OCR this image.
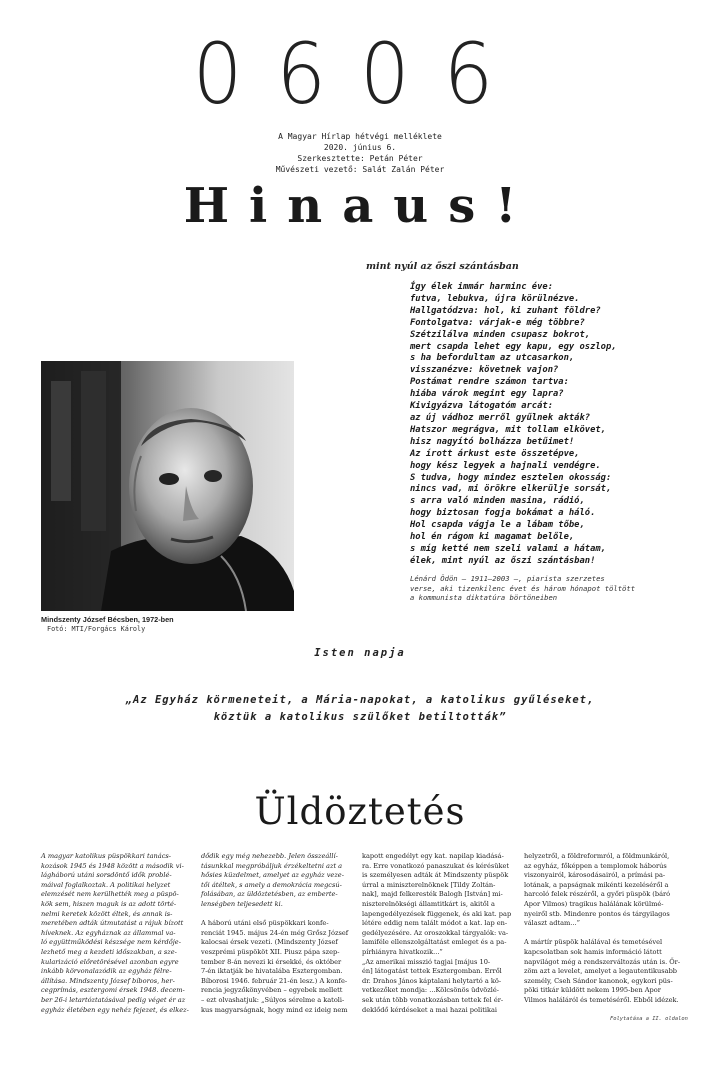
0606
A Magyar Hírlap hétvégi melléklete
2020. június 6.
Szerkesztette: Petán Péter
Művészeti vezető: Salát Zalán Péter
Hinaus!
mint nyúl az őszi szántásban
Így élek immár harminc éve:
futva, lebukva, újra körülnézve.
Hallgatódzva: hol, ki zuhant földre?
Fontolgatva: várjak-e még többre?
Szétzilálva minden csupasz bokrot,
mert csapda lehet egy kapu, egy oszlop,
s ha befordultam az utcasarkon,
visszanézve: követnek vajon?
Postámat rendre számon tartva:
hiába várok megint egy lapra?
Kivigyázva látogatóm arcát:
az új vádhoz merről gyűlnek akták?
Hatszor megrágva, mit tollam elkövet,
hisz nagyító bolházza betűimet!
Az írott árkust este összetépve,
hogy kész legyek a hajnali vendégre.
S tudva, hogy mindez esztelen okosság:
nincs vad, mi örökre elkerülje sorsát,
s arra való minden masina, rádió,
hogy biztosan fogja bokámat a háló.
Hol csapda vágja le a lábam tőbe,
hol én rágom ki magamat belőle,
s míg ketté nem szeli valami a hátam,
élek, mint nyúl az őszi szántásban!
Lénárd Ödön – 1911–2003 –, piarista szerzetes
verse, aki tizenkilenc évet és három hónapot töltött
a kommunista diktatúra börtöneiben
Mindszenty József Bécsben, 1972-ben
Fotó: MTI/Forgács Károly
Isten napja
„Az Egyház körmeneteit, a Mária-napokat, a katolikus gyűléseket,
köztük a katolikus szülőket betiltották”
Üldöztetés
A magyar katolikus püspökkari tanács-
kozások 1945 és 1948 között a második vi-
lágháború utáni sorsdöntő idők problé-
máival foglalkoztak. A politikai helyzet
elemzését nem kerülhették meg a püspö-
kök sem, hiszen maguk is az adott törté-
nelmi keretek között éltek, és annak is-
meretében adták útmutatást a rájuk bízott
híveknek. Az egyháznak az állammal va-
ló együttműködési készsége nem kérdője-
lezhető meg a kezdeti időszakban, a sze-
kularizáció előretörésével azonban egyre
inkább körvonalazódik az egyház félre-
állítása. Mindszenty József bíboros, her-
cegprímás, esztergomi érsek 1948. decem-
ber 26-i letartóztatásával pedig véget ér az
egyház életében egy nehéz fejezet, és elkez-
dődik egy még nehezebb. Jelen összeállí-
tásunkkal megpróbáljuk érzékeltetni azt a
hősies küzdelmet, amelyet az egyház veze-
tői átéltek, s amely a demokrácia megcsú-
folásában, az üldöztetésben, az emberte-
lenségben teljesedett ki.
A háború utáni első püspökkari konfe-
renciát 1945. május 24-én még Grősz József
kalocsai érsek vezeti. (Mindszenty József
veszprémi püspököt XII. Piusz pápa szep-
tember 8-án nevezi ki érsekké, és október
7-én iktatják be hivatalába Esztergomban.
Bíborosi 1946. február 21-én lesz.) A konfe-
rencia jegyzőkönyvében – egyebek mellett
– ezt olvashatjuk: „Súlyos sérelme a katoli-
kus magyarságnak, hogy mind ez ideig nem
kapott engedélyt egy kat. napilap kiadásá-
ra. Erre vonatkozó panaszukat és kérésüket
is személyesen adták át Mindszenty püspök
úrral a miniszterelnöknek [Tildy Zoltán-
nak], majd felkeresték Balogh [István] mi-
niszterelnökségi államtitkárt is, akitől a
lapengedélyezések függenek, és aki kat. pap
létére eddig nem talált módot a kat. lap en-
gedélyezésére. Az oroszokkal tárgyalók: va-
lamiféle ellenszolgáltatást emleget és a pa-
pírhiányra hivatkozik...”
„Az amerikai misszió tagjai [május 10-
én] látogatást tettek Esztergomban. Erről
dr. Drahos János káptalani helytartó a kö-
vetkezőket mondja: ...Kölcsönös üdvözlé-
sek után több vonatkozásban tettek fel ér-
deklődő kérdéseket a mai hazai politikai
helyzetről, a földreformról, a földmunkáról,
az egyház, főképpen a templomok háborús
viszonyairól, károsodásairól, a prímási pa-
lotának, a papságnak mikénti kezeléséről a
harcoló felek részéről, a győri püspök (báró
Apor Vilmos) tragikus halálának körülmé-
nyeiről stb. Mindenre pontos és tárgyilagos
választ adtam...”
A mártír püspök halálával és temetésével
kapcsolatban sok hamis információ látott
napvilágot még a rendszerváltozás után is. Őr-
zöm azt a levelet, amelyet a legautentikusabb
személy, Cseh Sándor kanonok, egykori püs-
pöki titkár küldött nekem 1995-ben Apor
Vilmos haláláról és temetéséről. Ebből idézek.
Folytatása a II. oldalon
